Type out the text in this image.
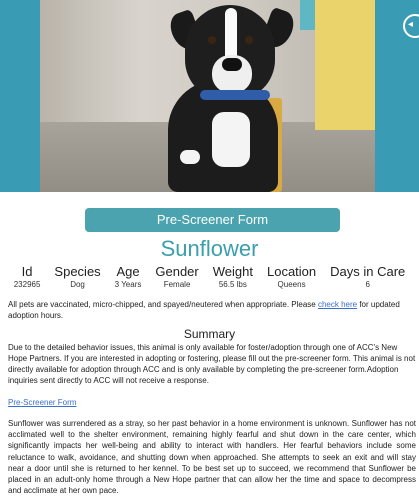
◂
Pre-Screener Form
Sunflower
Id
232965
Species
Dog
Age
3 Years
Gender
Female
Weight
56.5 lbs
Location
Queens
Days in Care
6
All pets are vaccinated, micro-chipped, and spayed/neutered when appropriate. Please check here for updated adoption hours.
Summary
Due to the detailed behavior issues, this animal is only available for foster/adoption through one of ACC's New Hope Partners. If you are interested in adopting or fostering, please fill out the pre-screener form. This animal is not directly available for adoption through ACC and is only available by completing the pre-screener form.Adoption inquiries sent directly to ACC will not receive a response.
Pre-Screener Form
Sunflower was surrendered as a stray, so her past behavior in a home environment is unknown. Sunflower has not acclimated well to the shelter environment, remaining highly fearful and shut down in the care center, which significantly impacts her well-being and ability to interact with handlers. Her fearful behaviors include some reluctance to walk, avoidance, and shutting down when approached. She attempts to seek an exit and will stay near a door until she is returned to her kennel. To be best set up to succeed, we recommend that Sunflower be placed in an adult-only home through a New Hope partner that can allow her the time and space to decompress and acclimate at her own pace.
